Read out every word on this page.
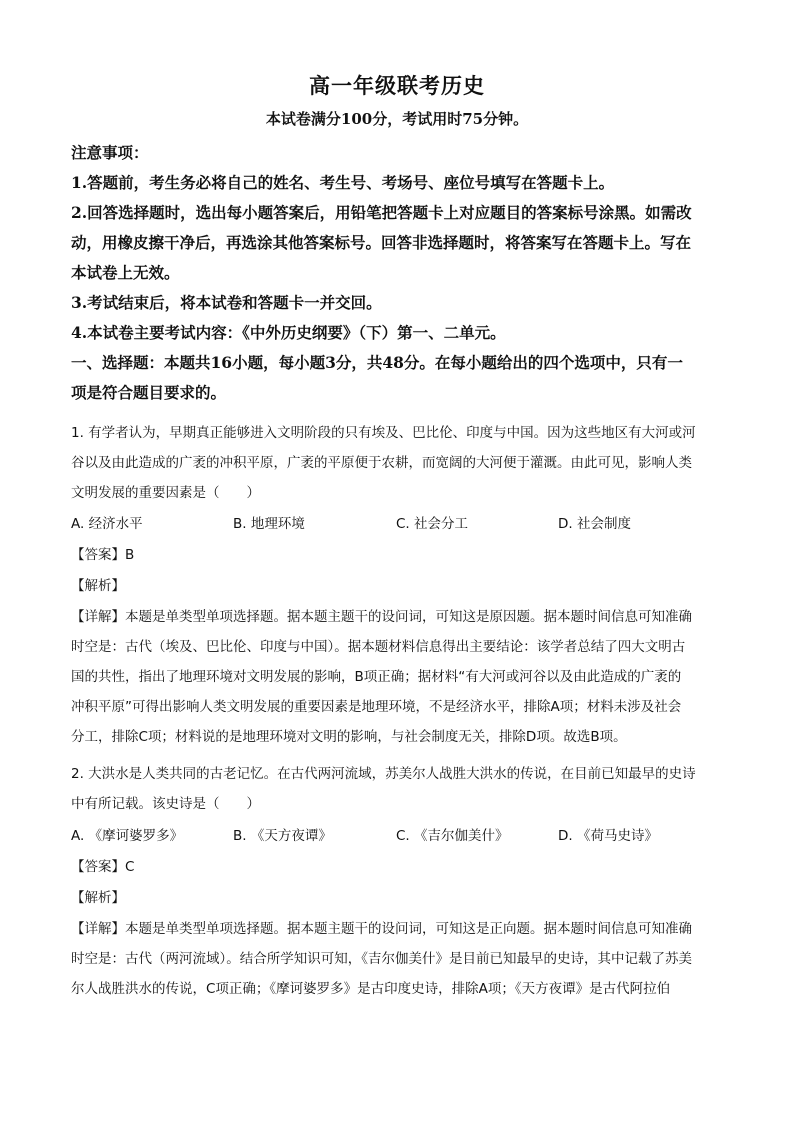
高一年级联考历史
本试卷满分100分，考试用时75分钟。
注意事项：
1.答题前，考生务必将自己的姓名、考生号、考场号、座位号填写在答题卡上。
2.回答选择题时，选出每小题答案后，用铅笔把答题卡上对应题目的答案标号涂黑。如需改
动，用橡皮擦干净后，再选涂其他答案标号。回答非选择题时，将答案写在答题卡上。写在
本试卷上无效。
3.考试结束后，将本试卷和答题卡一并交回。
4.本试卷主要考试内容：《中外历史纲要》（下）第一、二单元。
一、选择题：本题共16小题，每小题3分，共48分。在每小题给出的四个选项中，只有一
项是符合题目要求的。
1. 有学者认为，早期真正能够进入文明阶段的只有埃及、巴比伦、印度与中国。因为这些地区有大河或河
谷以及由此造成的广袤的冲积平原，广袤的平原便于农耕，而宽阔的大河便于灌溉。由此可见，影响人类
文明发展的重要因素是（　　）
A. 经济水平	B. 地理环境	C. 社会分工	D. 社会制度
【答案】B
【解析】
【详解】本题是单类型单项选择题。据本题主题干的设问词，可知这是原因题。据本题时间信息可知准确
时空是：古代（埃及、巴比伦、印度与中国）。据本题材料信息得出主要结论：该学者总结了四大文明古
国的共性，指出了地理环境对文明发展的影响，B项正确；据材料“有大河或河谷以及由此造成的广袤的
冲积平原”可得出影响人类文明发展的重要因素是地理环境，不是经济水平，排除A项；材料未涉及社会
分工，排除C项；材料说的是地理环境对文明的影响，与社会制度无关，排除D项。故选B项。
2. 大洪水是人类共同的古老记忆。在古代两河流域，苏美尔人战胜大洪水的传说，在目前已知最早的史诗
中有所记载。该史诗是（　　）
A. 《摩诃婆罗多》	B. 《天方夜谭》	C. 《吉尔伽美什》	D. 《荷马史诗》
【答案】C
【解析】
【详解】本题是单类型单项选择题。据本题主题干的设问词，可知这是正向题。据本题时间信息可知准确
时空是：古代（两河流域）。结合所学知识可知，《吉尔伽美什》是目前已知最早的史诗，其中记载了苏美
尔人战胜洪水的传说，C项正确；《摩诃婆罗多》是古印度史诗，排除A项；《天方夜谭》是古代阿拉伯
